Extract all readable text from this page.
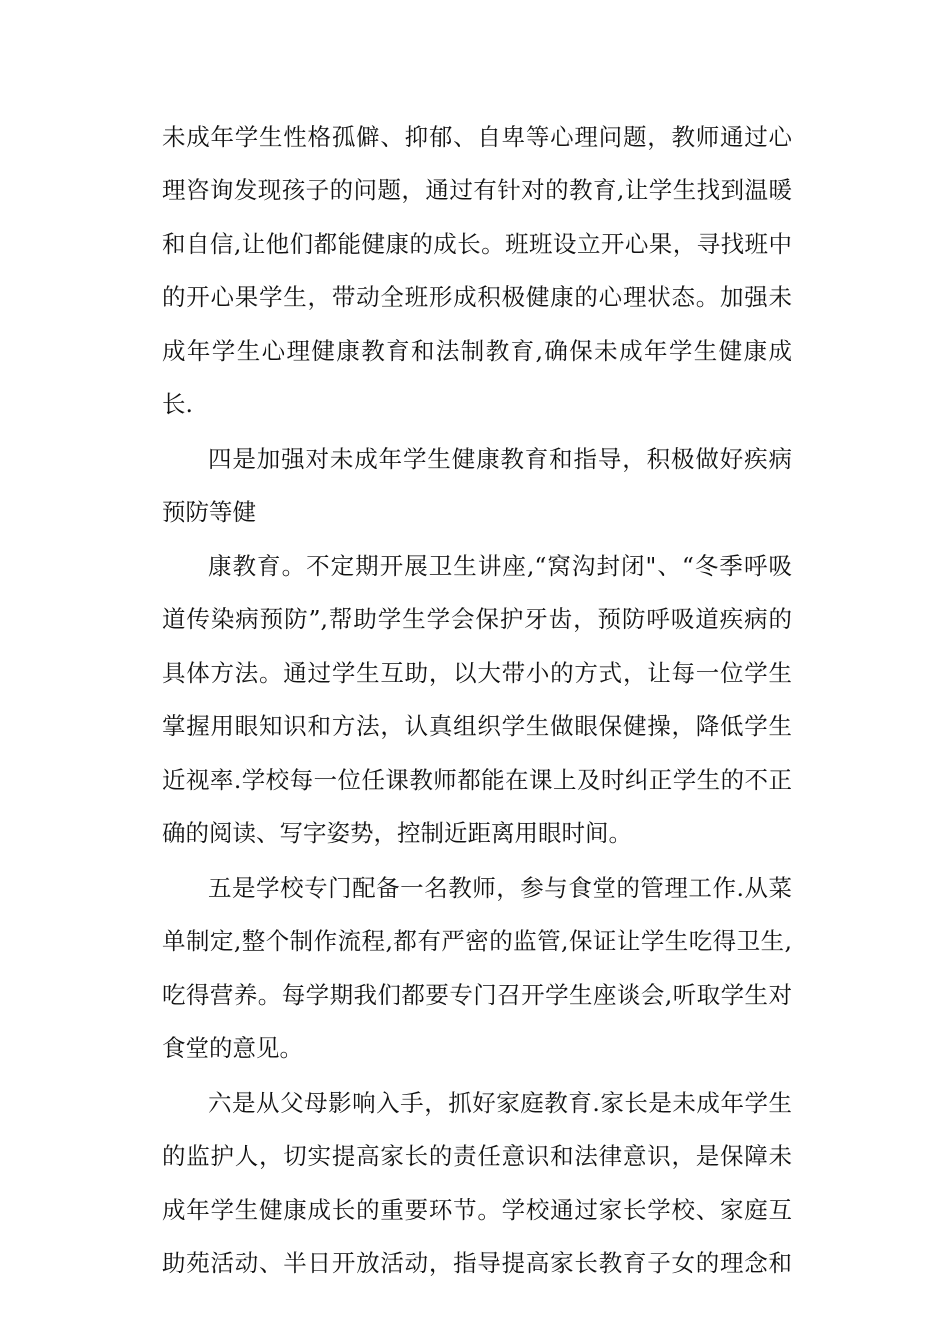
未成年学生性格孤僻、抑郁、自卑等心理问题，教师通过心
理咨询发现孩子的问题，通过有针对的教育,让学生找到温暖
和自信,让他们都能健康的成长。班班设立开心果，寻找班中
的开心果学生，带动全班形成积极健康的心理状态。加强未
成年学生心理健康教育和法制教育,确保未成年学生健康成
长.
四是加强对未成年学生健康教育和指导，积极做好疾病
预防等健
康教育。不定期开展卫生讲座,“窝沟封闭"、“冬季呼吸
道传染病预防”,帮助学生学会保护牙齿，预防呼吸道疾病的
具体方法。通过学生互助，以大带小的方式，让每一位学生
掌握用眼知识和方法，认真组织学生做眼保健操，降低学生
近视率.学校每一位任课教师都能在课上及时纠正学生的不正
确的阅读、写字姿势，控制近距离用眼时间。
五是学校专门配备一名教师，参与食堂的管理工作.从菜
单制定,整个制作流程,都有严密的监管,保证让学生吃得卫生,
吃得营养。每学期我们都要专门召开学生座谈会,听取学生对
食堂的意见。
六是从父母影响入手，抓好家庭教育.家长是未成年学生
的监护人，切实提高家长的责任意识和法律意识，是保障未
成年学生健康成长的重要环节。学校通过家长学校、家庭互
助苑活动、半日开放活动，指导提高家长教育子女的理念和
